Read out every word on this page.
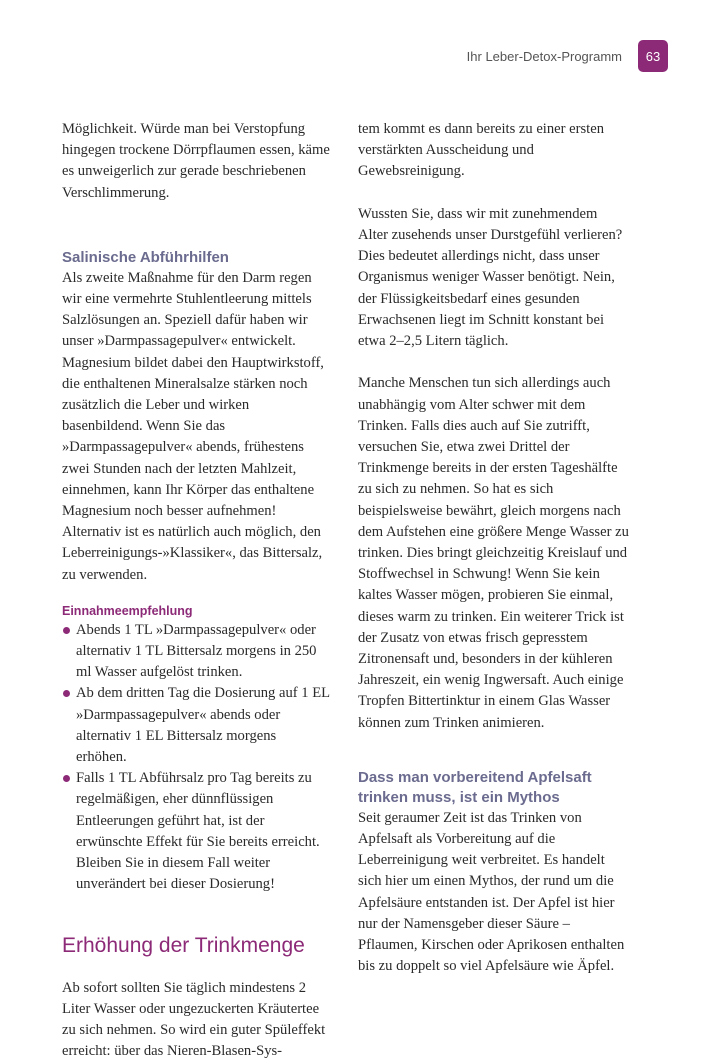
Ihr Leber-Detox-Programm	63

Möglichkeit. Würde man bei Verstopfung hingegen trockene Dörrpflaumen essen, käme es unweigerlich zur gerade beschriebenen Verschlimmerung.

Salinische Abführhilfen

Als zweite Maßnahme für den Darm regen wir eine vermehrte Stuhlentleerung mittels Salzlösungen an. Speziell dafür haben wir unser »Darmpassagepulver« entwickelt. Magnesium bildet dabei den Hauptwirkstoff, die enthaltenen Mineralsalze stärken noch zusätzlich die Leber und wirken basenbildend. Wenn Sie das »Darmpassagepulver« abends, frühestens zwei Stunden nach der letzten Mahlzeit, einnehmen, kann Ihr Körper das enthaltene Magnesium noch besser aufnehmen! Alternativ ist es natürlich auch möglich, den Leberreinigungs-»Klassiker«, das Bittersalz, zu verwenden.

Einnahmeempfehlung
Abends 1 TL »Darmpassagepulver« oder alternativ 1 TL Bittersalz morgens in 250 ml Wasser aufgelöst trinken.
Ab dem dritten Tag die Dosierung auf 1 EL »Darmpassagepulver« abends oder alternativ 1 EL Bittersalz morgens erhöhen.
Falls 1 TL Abführsalz pro Tag bereits zu regelmäßigen, eher dünnflüssigen Entleerungen geführt hat, ist der erwünschte Effekt für Sie bereits erreicht. Bleiben Sie in diesem Fall weiter unverändert bei dieser Dosierung!
Erhöhung der Trinkmenge

Ab sofort sollten Sie täglich mindestens 2 Liter Wasser oder ungezuckerten Kräutertee zu sich nehmen. So wird ein guter Spüleffekt erreicht: über das Nieren-Blasen-Sys-

tem kommt es dann bereits zu einer ersten verstärkten Ausscheidung und Gewebsreinigung.

Wussten Sie, dass wir mit zunehmendem Alter zusehends unser Durstgefühl verlieren? Dies bedeutet allerdings nicht, dass unser Organismus weniger Wasser benötigt. Nein, der Flüssigkeitsbedarf eines gesunden Erwachsenen liegt im Schnitt konstant bei etwa 2–2,5 Litern täglich.

Manche Menschen tun sich allerdings auch unabhängig vom Alter schwer mit dem Trinken. Falls dies auch auf Sie zutrifft, versuchen Sie, etwa zwei Drittel der Trinkmenge bereits in der ersten Tageshälfte zu sich zu nehmen. So hat es sich beispielsweise bewährt, gleich morgens nach dem Aufstehen eine größere Menge Wasser zu trinken. Dies bringt gleichzeitig Kreislauf und Stoffwechsel in Schwung! Wenn Sie kein kaltes Wasser mögen, probieren Sie einmal, dieses warm zu trinken. Ein weiterer Trick ist der Zusatz von etwas frisch gepresstem Zitronensaft und, besonders in der kühleren Jahreszeit, ein wenig Ingwersaft. Auch einige Tropfen Bittertinktur in einem Glas Wasser können zum Trinken animieren.

Dass man vorbereitend Apfelsaft trinken muss, ist ein Mythos

Seit geraumer Zeit ist das Trinken von Apfelsaft als Vorbereitung auf die Leberreinigung weit verbreitet. Es handelt sich hier um einen Mythos, der rund um die Apfelsäure entstanden ist. Der Apfel ist hier nur der Namensgeber dieser Säure – Pflaumen, Kirschen oder Aprikosen enthalten bis zu doppelt so viel Apfelsäure wie Äpfel.
